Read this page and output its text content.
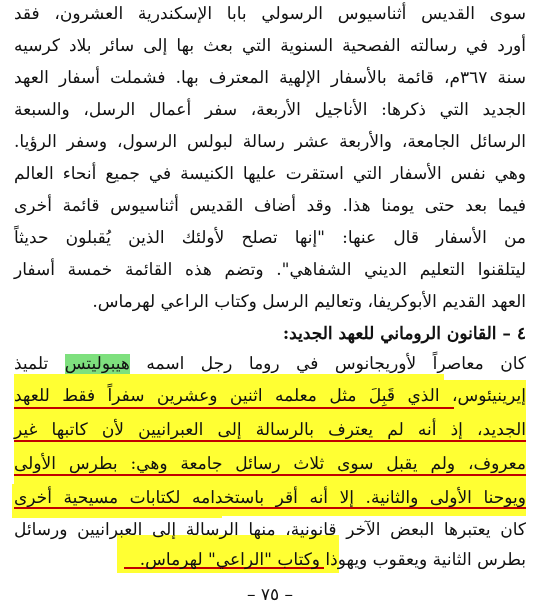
سوى القديس أثناسيوس الرسولي بابا الإسكندرية العشرون، فقد
أورد في رسالته الفصحية السنوية التي بعث بها إلى سائر بلاد كرسيه
سنة ٣٦٧م، قائمة بالأسفار الإلهية المعترف بها. فشملت أسفار العهد
الجديد التي ذكرها: الأناجيل الأربعة، سفر أعمال الرسل، والسبعة
الرسائل الجامعة، والأربعة عشر رسالة لبولس الرسول، وسفر الرؤيا.
وهي نفس الأسفار التي استقرت عليها الكنيسة في جميع أنحاء العالم
فيما بعد حتى يومنا هذا. وقد أضاف القديس أثناسيوس قائمة أخرى
من الأسفار قال عنها: "إنها تصلح لأولئك الذين يُقبلون حديثاً
ليتلقنوا التعليم الديني الشفاهي". وتضم هذه القائمة خمسة أسفار
العهد القديم الأبوكريفا، وتعاليم الرسل وكتاب الراعي لهرماس.
٤ – القانون الروماني للعهد الجديد:
كان معاصراً لأوريجانوس في روما رجل اسمه هيبوليتس تلميذ
إيرينيئوس، الذي قَبِلَ مثل معلمه اثنين وعشرين سفراً فقط للعهد
الجديد، إذ أنه لم يعترف بالرسالة إلى العبرانيين لأن كاتبها غير
معروف، ولم يقبل سوى ثلاث رسائل جامعة وهي: بطرس الأولى
ويوحنا الأولى والثانية. إلا أنه أقر باستخدامه لكتابات مسيحية أخرى
كان يعتبرها البعض الآخر قانونية، منها الرسالة إلى العبرانيين ورسائل
بطرس الثانية ويعقوب ويهوذا وكتاب "الراعي" لهرماس.
– ٧٥ –
